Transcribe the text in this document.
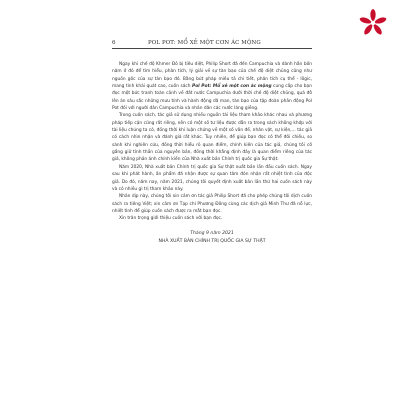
6	POL POT: MỔ XẺ MỘT CƠN ÁC MỘNG

Ngay khi chế độ Khmer Đỏ bị tiêu diệt, Philip Short đã đến Campuchia và dành hẳn bốn năm ở đó để tìm hiểu, phân tích, lý giải về sự tàn bạo của chế độ diệt chủng cũng như nguồn gốc của sự tàn bạo đó. Bằng bút pháp miêu tả chi tiết, phân tích cụ thể - lôgic, mang tính khái quát cao, cuốn sách Pol Pot: Mổ xẻ một cơn ác mộng cung cấp cho bạn đọc một bức tranh toàn cảnh về đất nước Campuchia dưới thời chế độ diệt chủng, quá đỗ lên án sâu sắc những mưu tính và hành động dã man, tàn bạo của tập đoàn phản động Pol Pot đối với người dân Campuchia và nhân dân các nước láng giềng.

Trong cuốn sách, tác giả sử dụng nhiều nguồn tài liệu tham khảo khác nhau và phương pháp tiếp cận cũng rất riêng, nên có một số tư liệu được dẫn ra trong sách không khớp với tài liệu chúng ta có, đồng thời khi luận chứng về một số vấn đề, nhân vật, sự kiện,... tác giả có cách nhìn nhận và đánh giá rất khác. Tuy nhiên, để giúp bạn đọc có thể đối chiếu, so sánh khi nghiên cứu, đồng thời hiểu rõ quan điểm, chính kiến của tác giả, chúng tôi cố gắng giữ tính thần của nguyên bản, đồng thời khẳng định đây là quan điểm riêng của tác giả, không phản ánh chính kiến của Nhà xuất bản Chính trị quốc gia Sự thật.

Năm 2020, Nhà xuất bản Chính trị quốc gia Sự thật xuất bản lần đầu cuốn sách. Ngay sau khi phát hành, ấn phẩm đã nhận được sự quan tâm đón nhận rất nhiệt tình của độc giả. Do đó, năm nay, năm 2021, chúng tôi quyết định xuất bản lần thứ hai cuốn sách này và có nhiều gì trị tham khảo này.

Nhân dịp này, chúng tôi xin cảm ơn tác giả Philip Short đã cho phép chúng tôi dịch cuốn sách ra tiếng Việt; xin cảm ơn Tạp chí Phương Đông cùng các dịch giả Minh Thư đã nỗ lực, nhiệt tình để giúp cuốn sách được ra mắt bạn đọc.

Xin trân trọng giới thiệu cuốn sách với bạn đọc.

Tháng 9 năm 2021
NHÀ XUẤT BẢN CHÍNH TRỊ QUỐC GIA SỰ THẬT
